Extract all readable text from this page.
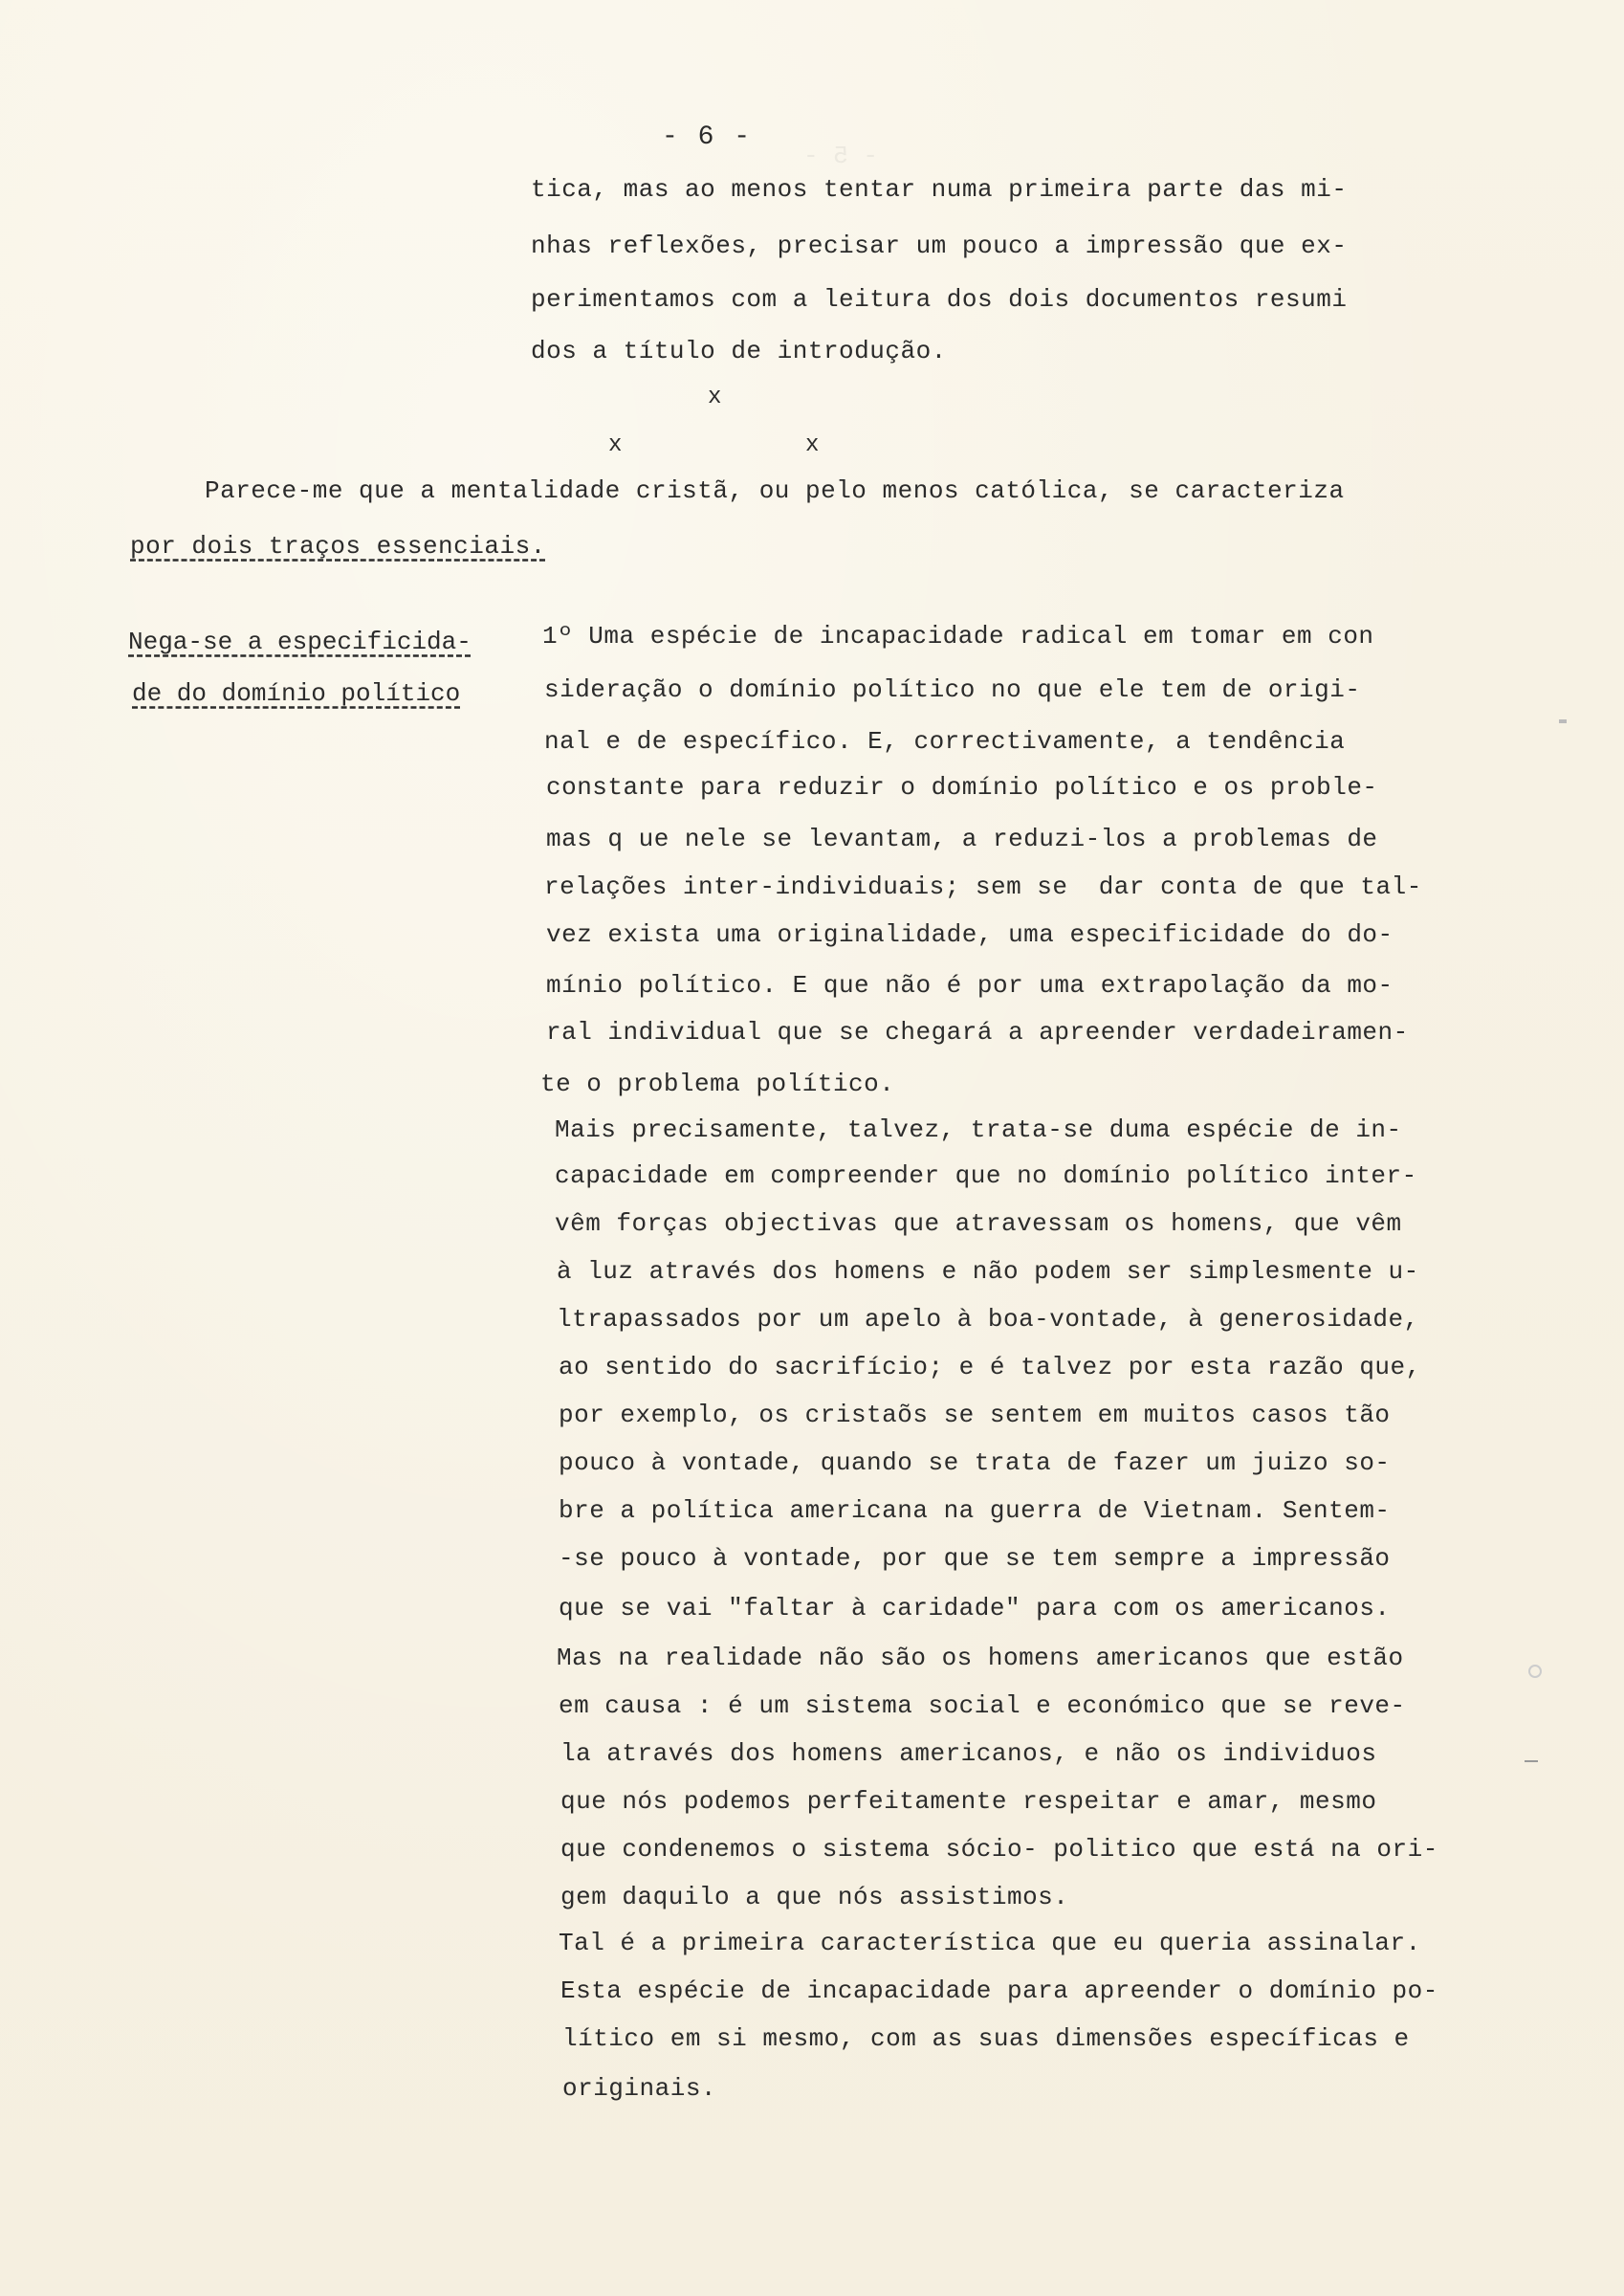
- 5 -
- 6 -
tica, mas ao menos tentar numa primeira parte das mi-
nhas reflexões, precisar um pouco a impressão que ex-
perimentamos com a leitura dos dois documentos resumi
dos a título de introdução.
x
x	x
Parece-me que a mentalidade cristã, ou pelo menos católica, se caracteriza
por dois traços essenciais.
Nega-se a especificida-
de do domínio político
1º Uma espécie de incapacidade radical em tomar em con
sideração o domínio político no que ele tem de origi-
nal e de específico. E, correctivamente, a tendência
constante para reduzir o domínio político e os proble-
mas q ue nele se levantam, a reduzi-los a problemas de
relações inter-individuais; sem se  dar conta de que tal-
vez exista uma originalidade, uma especificidade do do-
mínio político. E que não é por uma extrapolação da mo-
ral individual que se chegará a apreender verdadeiramen-
te o problema político.
Mais precisamente, talvez, trata-se duma espécie de in-
capacidade em compreender que no domínio político inter-
vêm forças objectivas que atravessam os homens, que vêm
à luz através dos homens e não podem ser simplesmente u-
ltrapassados por um apelo à boa-vontade, à generosidade,
ao sentido do sacrifício; e é talvez por esta razão que,
por exemplo, os cristaõs se sentem em muitos casos tão
pouco à vontade, quando se trata de fazer um juizo so-
bre a política americana na guerra de Vietnam. Sentem-
-se pouco à vontade, por que se tem sempre a impressão
que se vai "faltar à caridade" para com os americanos.
Mas na realidade não são os homens americanos que estão
em causa : é um sistema social e económico que se reve-
la através dos homens americanos, e não os individuos
que nós podemos perfeitamente respeitar e amar, mesmo
que condenemos o sistema sócio- politico que está na ori-
gem daquilo a que nós assistimos.
Tal é a primeira característica que eu queria assinalar.
Esta espécie de incapacidade para apreender o domínio po-
lítico em si mesmo, com as suas dimensões específicas e
originais.
